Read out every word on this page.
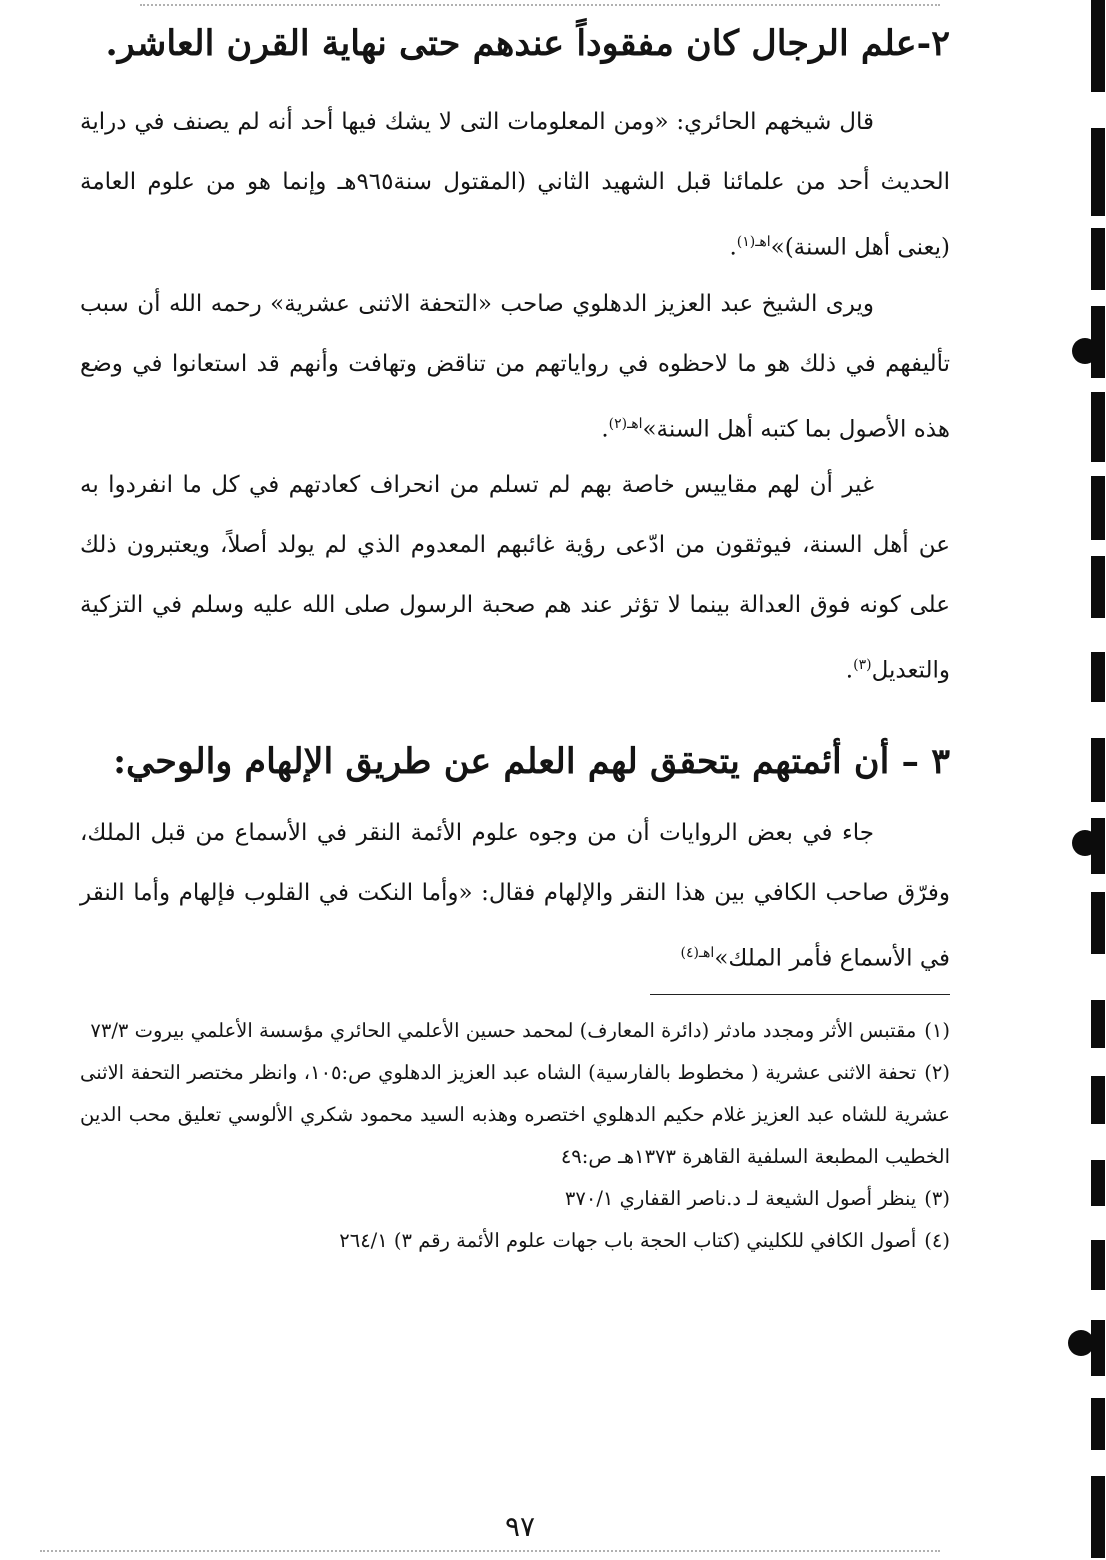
٢-علم الرجال كان مفقوداً عندهم حتى نهاية القرن العاشر.

قال شيخهم الحائري: «ومن المعلومات التى لا يشك فيها أحد أنه لم يصنف في دراية الحديث أحد من علمائنا قبل الشهيد الثاني (المقتول سنة٩٦٥هـ وإنما هو من علوم العامة (يعنى أهل السنة)»$^{اهـ(١)}$.

ويرى الشيخ عبد العزيز الدهلوي صاحب «التحفة الاثنى عشرية» رحمه الله أن سبب تأليفهم في ذلك هو ما لاحظوه في رواياتهم من تناقض وتهافت وأنهم قد استعانوا في وضع هذه الأصول بما كتبه أهل السنة»$^{اهـ(٢)}$.

غير أن لهم مقاييس خاصة بهم لم تسلم من انحراف كعادتهم في كل ما انفردوا به عن أهل السنة، فيوثقون من ادّعى رؤية غائبهم المعدوم الذي لم يولد أصلاً، ويعتبرون ذلك على كونه فوق العدالة بينما لا تؤثر عند هم صحبة الرسول صلى الله عليه وسلم في التزكية والتعديل$^{(٣)}$.

٣ – أن أئمتهم يتحقق لهم العلم عن طريق الإلهام والوحي:

جاء في بعض الروايات أن من وجوه علوم الأئمة النقر في الأسماع من قبل الملك، وفرّق صاحب الكافي بين هذا النقر والإلهام فقال: «وأما النكت في القلوب فإلهام وأما النقر في الأسماع فأمر الملك»$^{اهـ(٤)}$

(١)مقتبس الأثر ومجدد مادثر (دائرة المعارف) لمحمد حسين الأعلمي الحائري مؤسسة الأعلمي بيروت ٧٣/٣

(٢)تحفة الاثنى عشرية ( مخطوط بالفارسية) الشاه عبد العزيز الدهلوي ص:١٠٥، وانظر مختصر التحفة الاثنى عشرية للشاه عبد العزيز غلام حكيم الدهلوي اختصره وهذبه السيد محمود شكري الألوسي تعليق محب الدين الخطيب المطبعة السلفية القاهرة ١٣٧٣هـ ص:٤٩

(٣)ينظر أصول الشيعة لـ د.ناصر القفاري ٣٧٠/١

(٤)أصول الكافي للكليني (كتاب الحجة باب جهات علوم الأئمة رقم ٣) ٢٦٤/١

٩٧
